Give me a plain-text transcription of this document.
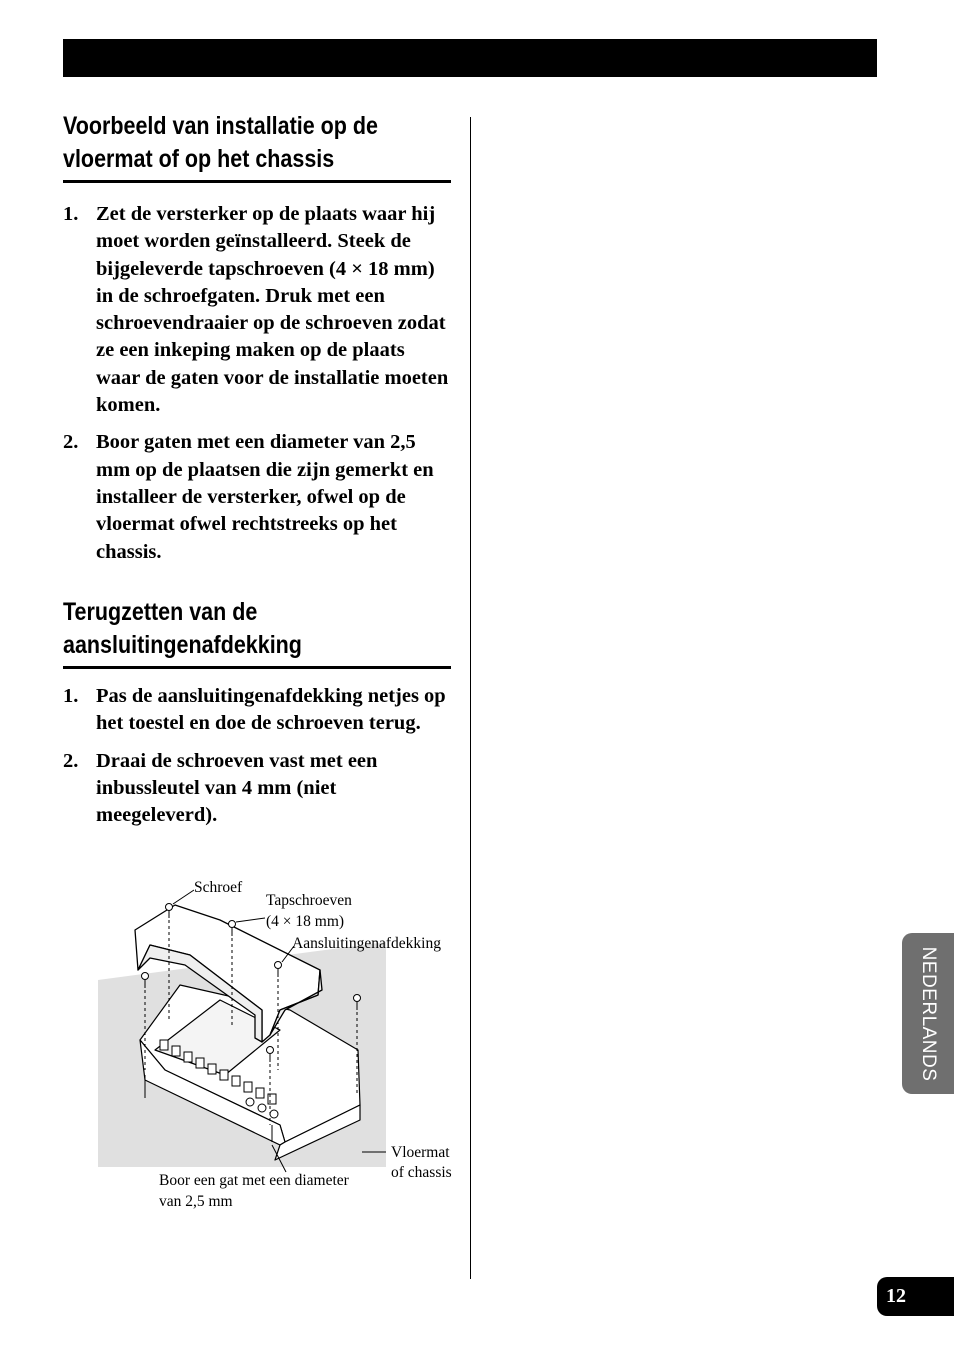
Voorbeeld van installatie op de
vloermat of op het chassis
1. Zet de versterker op de plaats waar hij moet worden geïnstalleerd. Steek de bijgeleverde tapschroeven (4 × 18 mm) in de schroefgaten. Druk met een schroevendraaier op de schroeven zodat ze een inkeping maken op de plaats waar de gaten voor de installatie moeten komen.
2. Boor gaten met een diameter van 2,5 mm op de plaatsen die zijn gemerkt en installeer de versterker, ofwel op de vloermat ofwel rechtstreeks op het chassis.
Terugzetten van de
aansluitingenafdekking
1. Pas de aansluitingenafdekking netjes op het toestel en doe de schroeven terug.
2. Draai de schroeven vast met een inbussleutel van 4 mm (niet meegeleverd).
Schroef
Tapschroeven
(4 × 18 mm)
Aansluitingenafdekking
Vloermat
of chassis
Boor een gat met een diameter
van 2,5 mm
NEDERLANDS
12
